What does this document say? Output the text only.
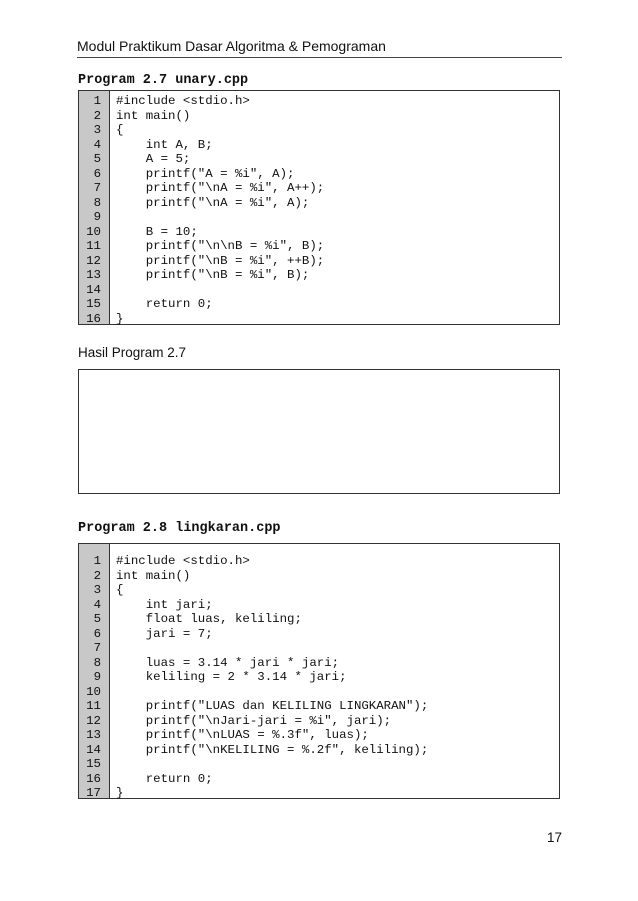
Modul Praktikum Dasar Algoritma & Pemograman
Program 2.7 unary.cpp
1 #include <stdio.h>
2 int main()
3 {
4 int A, B;
5 A = 5;
6 printf("A = %i", A);
7 printf("\nA = %i", A++);
8 printf("\nA = %i", A);
9
10 B = 10;
11 printf("\n\nB = %i", B);
12 printf("\nB = %i", ++B);
13 printf("\nB = %i", B);
14
15 return 0;
16 }
Hasil Program 2.7
Program 2.8 lingkaran.cpp
1 #include <stdio.h>
2 int main()
3 {
4 int jari;
5 float luas, keliling;
6 jari = 7;
7
8 luas = 3.14 * jari * jari;
9 keliling = 2 * 3.14 * jari;
10
11 printf("LUAS dan KELILING LINGKARAN");
12 printf("\nJari-jari = %i", jari);
13 printf("\nLUAS = %.3f", luas);
14 printf("\nKELILING = %.2f", keliling);
15
16 return 0;
17 }
17
